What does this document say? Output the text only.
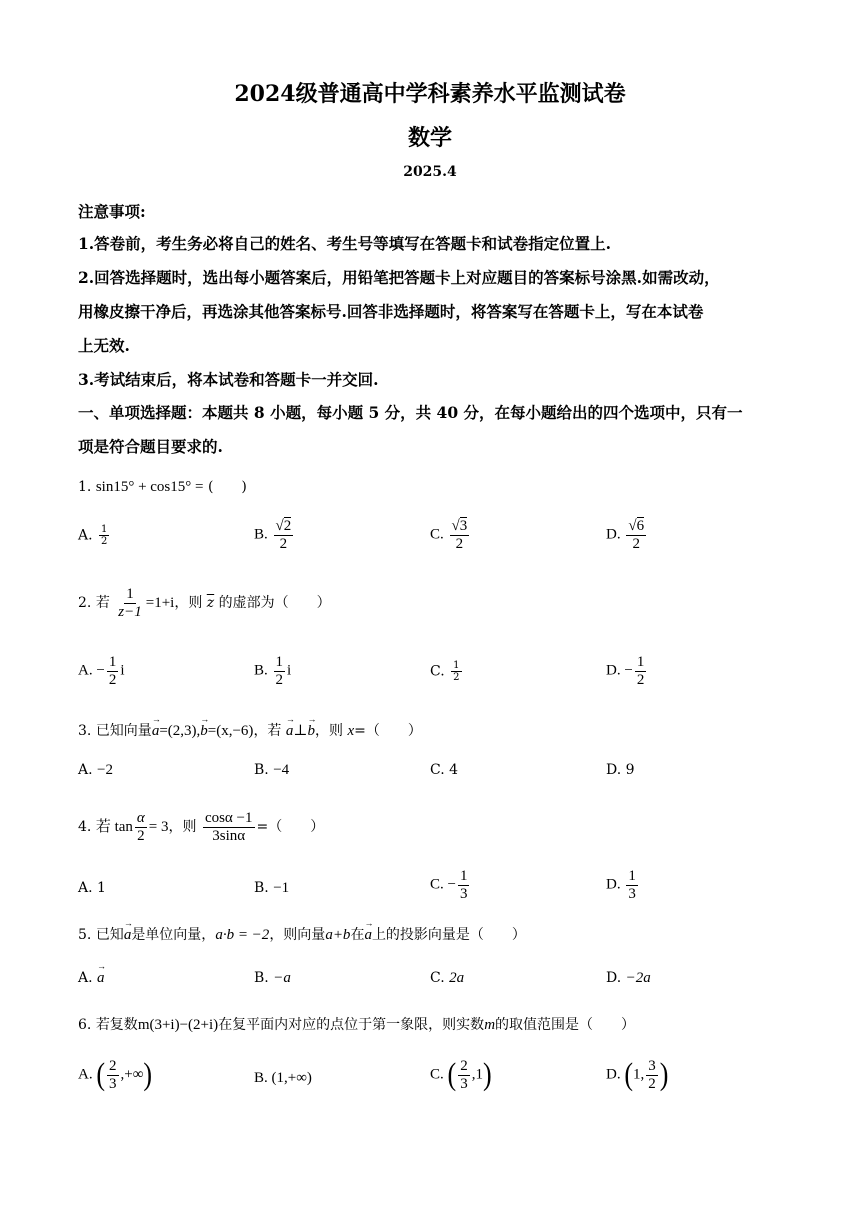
2024级普通高中学科素养水平监测试卷
数学
2025.4
注意事项:
1.答卷前，考生务必将自己的姓名、考生号等填写在答题卡和试卷指定位置上.
2.回答选择题时，选出每小题答案后，用铅笔把答题卡上对应题目的答案标号涂黑.如需改动，
用橡皮擦干净后，再选涂其他答案标号.回答非选择题时，将答案写在答题卡上，写在本试卷
上无效.
3.考试结束后，将本试卷和答题卡一并交回.
一、单项选择题：本题共 8 小题，每小题 5 分，共 40 分，在每小题给出的四个选项中，只有一
项是符合题目要求的.
1. sin15° + cos15° = (　　)
A. $\frac{1}{2}$	B. $\frac{√2}{2}$	C. $\frac{√3}{2}$	D. $\frac{√6}{2}$
2. 若 $\frac{1}{z-1} =1+i$，则 $\overline{z}$ 的虚部为（　　）
A. − $\frac{1}{2}$ i	B. $\frac{1}{2}$ i	C. $\frac{1}{2}$	D. − $\frac{1}{2}$
3. 已知向量→ a=(2,3),→ b=(x,−6)，若 → a⊥→ b，则 x=（　　）
A. −2	B. −4	C. 4	D. 9
4. 若 $\tan \frac{\alpha}{2} = 3$，则 $\frac{\cos\alpha -1}{3\sin\alpha}$ =（　　）
A. 1	B. −1	C. − $\frac{1}{3}$	D. $\frac{1}{3}$
5. 已知→ a是单位向量，a·b = −2，则向量a+b在→ a上的投影向量是（　　）
A. → a	B. −a	C. 2a	D. −2a
6. 若复数m(3+i)−(2+i)在复平面内对应的点位于第一象限，则实数m的取值范围是（　　）
A. ( $\frac{2}{3}$ ,+∞)	B. (1,+∞)	C. ( $\frac{2}{3} ,1$)	D. (1, $\frac{3}{2}$ )
